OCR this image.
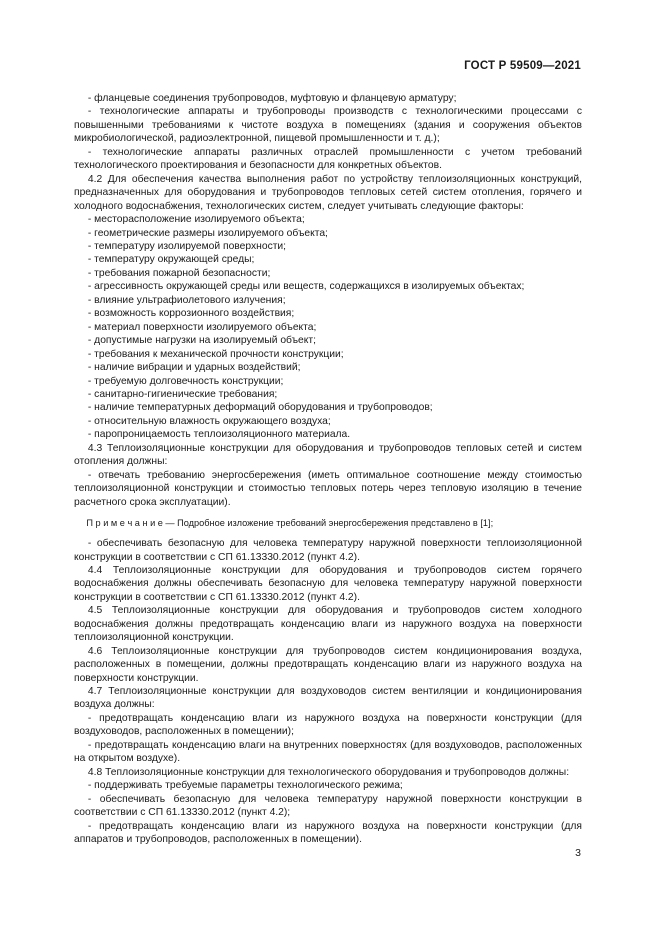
ГОСТ Р 59509—2021

- фланцевые соединения трубопроводов, муфтовую и фланцевую арматуру;

- технологические аппараты и трубопроводы производств с технологическими процессами с повышенными требованиями к чистоте воздуха в помещениях (здания и сооружения объектов микробиологической, радиоэлектронной, пищевой промышленности и т. д.);

- технологические аппараты различных отраслей промышленности с учетом требований технологического проектирования и безопасности для конкретных объектов.

4.2 Для обеспечения качества выполнения работ по устройству теплоизоляционных конструкций, предназначенных для оборудования и трубопроводов тепловых сетей систем отопления, горячего и холодного водоснабжения, технологических систем, следует учитывать следующие факторы:

- месторасположение изолируемого объекта;

- геометрические размеры изолируемого объекта;

- температуру изолируемой поверхности;

- температуру окружающей среды;

- требования пожарной безопасности;

- агрессивность окружающей среды или веществ, содержащихся в изолируемых объектах;

- влияние ультрафиолетового излучения;

- возможность коррозионного воздействия;

- материал поверхности изолируемого объекта;

- допустимые нагрузки на изолируемый объект;

- требования к механической прочности конструкции;

- наличие вибрации и ударных воздействий;

- требуемую долговечность конструкции;

- санитарно-гигиенические требования;

- наличие температурных деформаций оборудования и трубопроводов;

- относительную влажность окружающего воздуха;

- паропроницаемость теплоизоляционного материала.

4.3 Теплоизоляционные конструкции для оборудования и трубопроводов тепловых сетей и систем отопления должны:

- отвечать требованию энергосбережения (иметь оптимальное соотношение между стоимостью теплоизоляционной конструкции и стоимостью тепловых потерь через тепловую изоляцию в течение расчетного срока эксплуатации).

П р и м е ч а н и е — Подробное изложение требований энергосбережения представлено в [1];

- обеспечивать безопасную для человека температуру наружной поверхности теплоизоляционной конструкции в соответствии с СП 61.13330.2012 (пункт 4.2).

4.4 Теплоизоляционные конструкции для оборудования и трубопроводов систем горячего водоснабжения должны обеспечивать безопасную для человека температуру наружной поверхности конструкции в соответствии с СП 61.13330.2012 (пункт 4.2).

4.5 Теплоизоляционные конструкции для оборудования и трубопроводов систем холодного водоснабжения должны предотвращать конденсацию влаги из наружного воздуха на поверхности теплоизоляционной конструкции.

4.6 Теплоизоляционные конструкции для трубопроводов систем кондиционирования воздуха, расположенных в помещении, должны предотвращать конденсацию влаги из наружного воздуха на поверхности конструкции.

4.7 Теплоизоляционные конструкции для воздуховодов систем вентиляции и кондиционирования воздуха должны:

- предотвращать конденсацию влаги из наружного воздуха на поверхности конструкции (для воздуховодов, расположенных в помещении);

- предотвращать конденсацию влаги на внутренних поверхностях (для воздуховодов, расположенных на открытом воздухе).

4.8 Теплоизоляционные конструкции для технологического оборудования и трубопроводов должны:

- поддерживать требуемые параметры технологического режима;

- обеспечивать безопасную для человека температуру наружной поверхности конструкции в соответствии с СП 61.13330.2012 (пункт 4.2);

- предотвращать конденсацию влаги из наружного воздуха на поверхности конструкции (для аппаратов и трубопроводов, расположенных в помещении).

3
